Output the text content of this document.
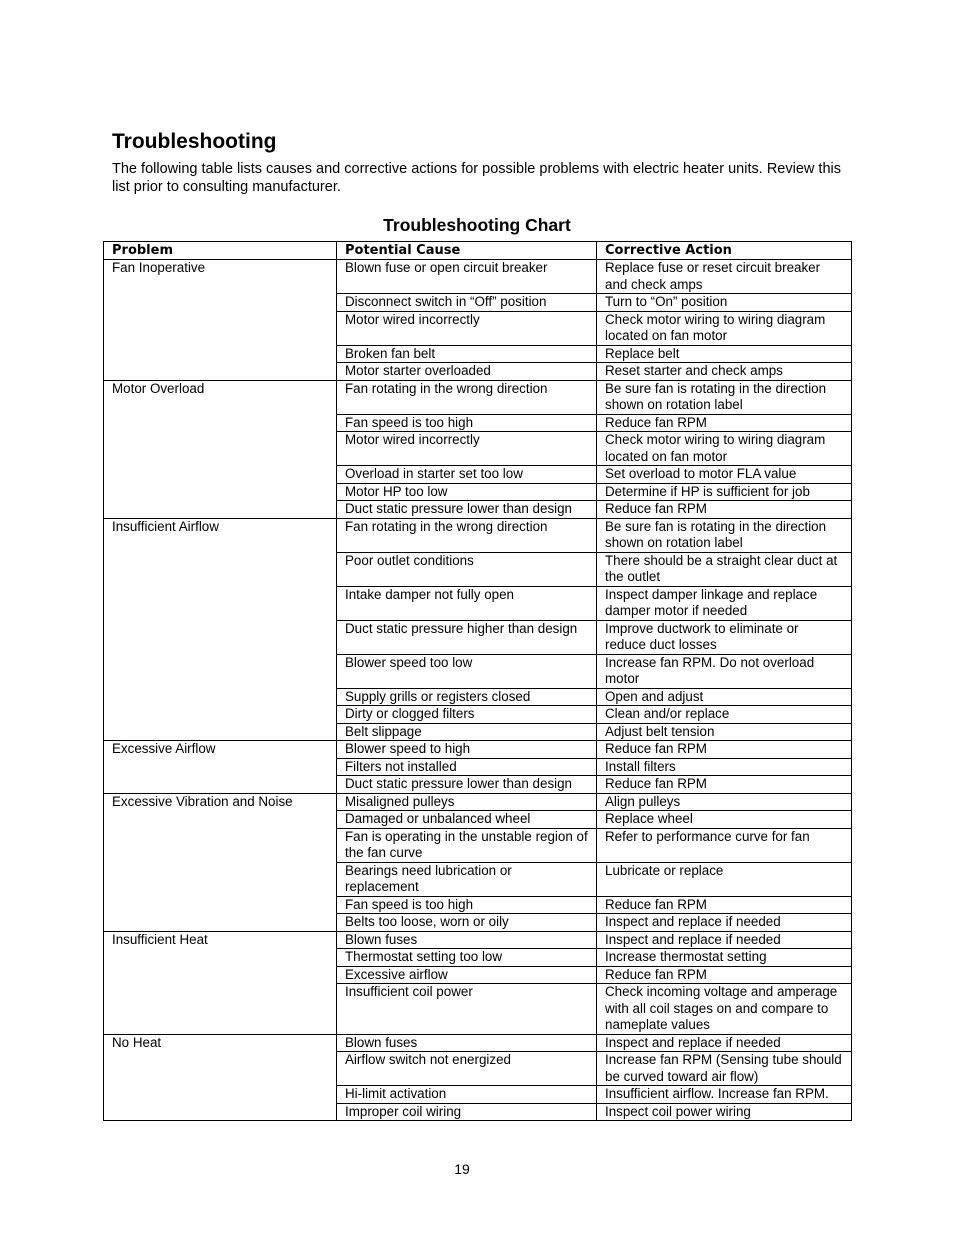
Troubleshooting

The following table lists causes and corrective actions for possible problems with electric heater units. Review this list prior to consulting manufacturer.

Troubleshooting Chart
Problem	Potential Cause	Corrective Action
Fan Inoperative	Blown fuse or open circuit breaker	Replace fuse or reset circuit breaker and check amps
	Disconnect switch in “Off” position	Turn to “On” position
	Motor wired incorrectly	Check motor wiring to wiring diagram located on fan motor
	Broken fan belt	Replace belt
	Motor starter overloaded	Reset starter and check amps
Motor Overload	Fan rotating in the wrong direction	Be sure fan is rotating in the direction shown on rotation label
	Fan speed is too high	Reduce fan RPM
	Motor wired incorrectly	Check motor wiring to wiring diagram located on fan motor
	Overload in starter set too low	Set overload to motor FLA value
	Motor HP too low	Determine if HP is sufficient for job
	Duct static pressure lower than design	Reduce fan RPM
Insufficient Airflow	Fan rotating in the wrong direction	Be sure fan is rotating in the direction shown on rotation label
	Poor outlet conditions	There should be a straight clear duct at the outlet
	Intake damper not fully open	Inspect damper linkage and replace damper motor if needed
	Duct static pressure higher than design	Improve ductwork to eliminate or reduce duct losses
	Blower speed too low	Increase fan RPM. Do not overload motor
	Supply grills or registers closed	Open and adjust
	Dirty or clogged filters	Clean and/or replace
	Belt slippage	Adjust belt tension
Excessive Airflow	Blower speed to high	Reduce fan RPM
	Filters not installed	Install filters
	Duct static pressure lower than design	Reduce fan RPM
Excessive Vibration and Noise	Misaligned pulleys	Align pulleys
	Damaged or unbalanced wheel	Replace wheel
	Fan is operating in the unstable region of the fan curve	Refer to performance curve for fan
	Bearings need lubrication or replacement	Lubricate or replace
	Fan speed is too high	Reduce fan RPM
	Belts too loose, worn or oily	Inspect and replace if needed
Insufficient Heat	Blown fuses	Inspect and replace if needed
	Thermostat setting too low	Increase thermostat setting
	Excessive airflow	Reduce fan RPM
	Insufficient coil power	Check incoming voltage and amperage with all coil stages on and compare to nameplate values
No Heat	Blown fuses	Inspect and replace if needed
	Airflow switch not energized	Increase fan RPM (Sensing tube should be curved toward air flow)
	Hi-limit activation	Insufficient airflow. Increase fan RPM.
	Improper coil wiring	Inspect coil power wiring

19
